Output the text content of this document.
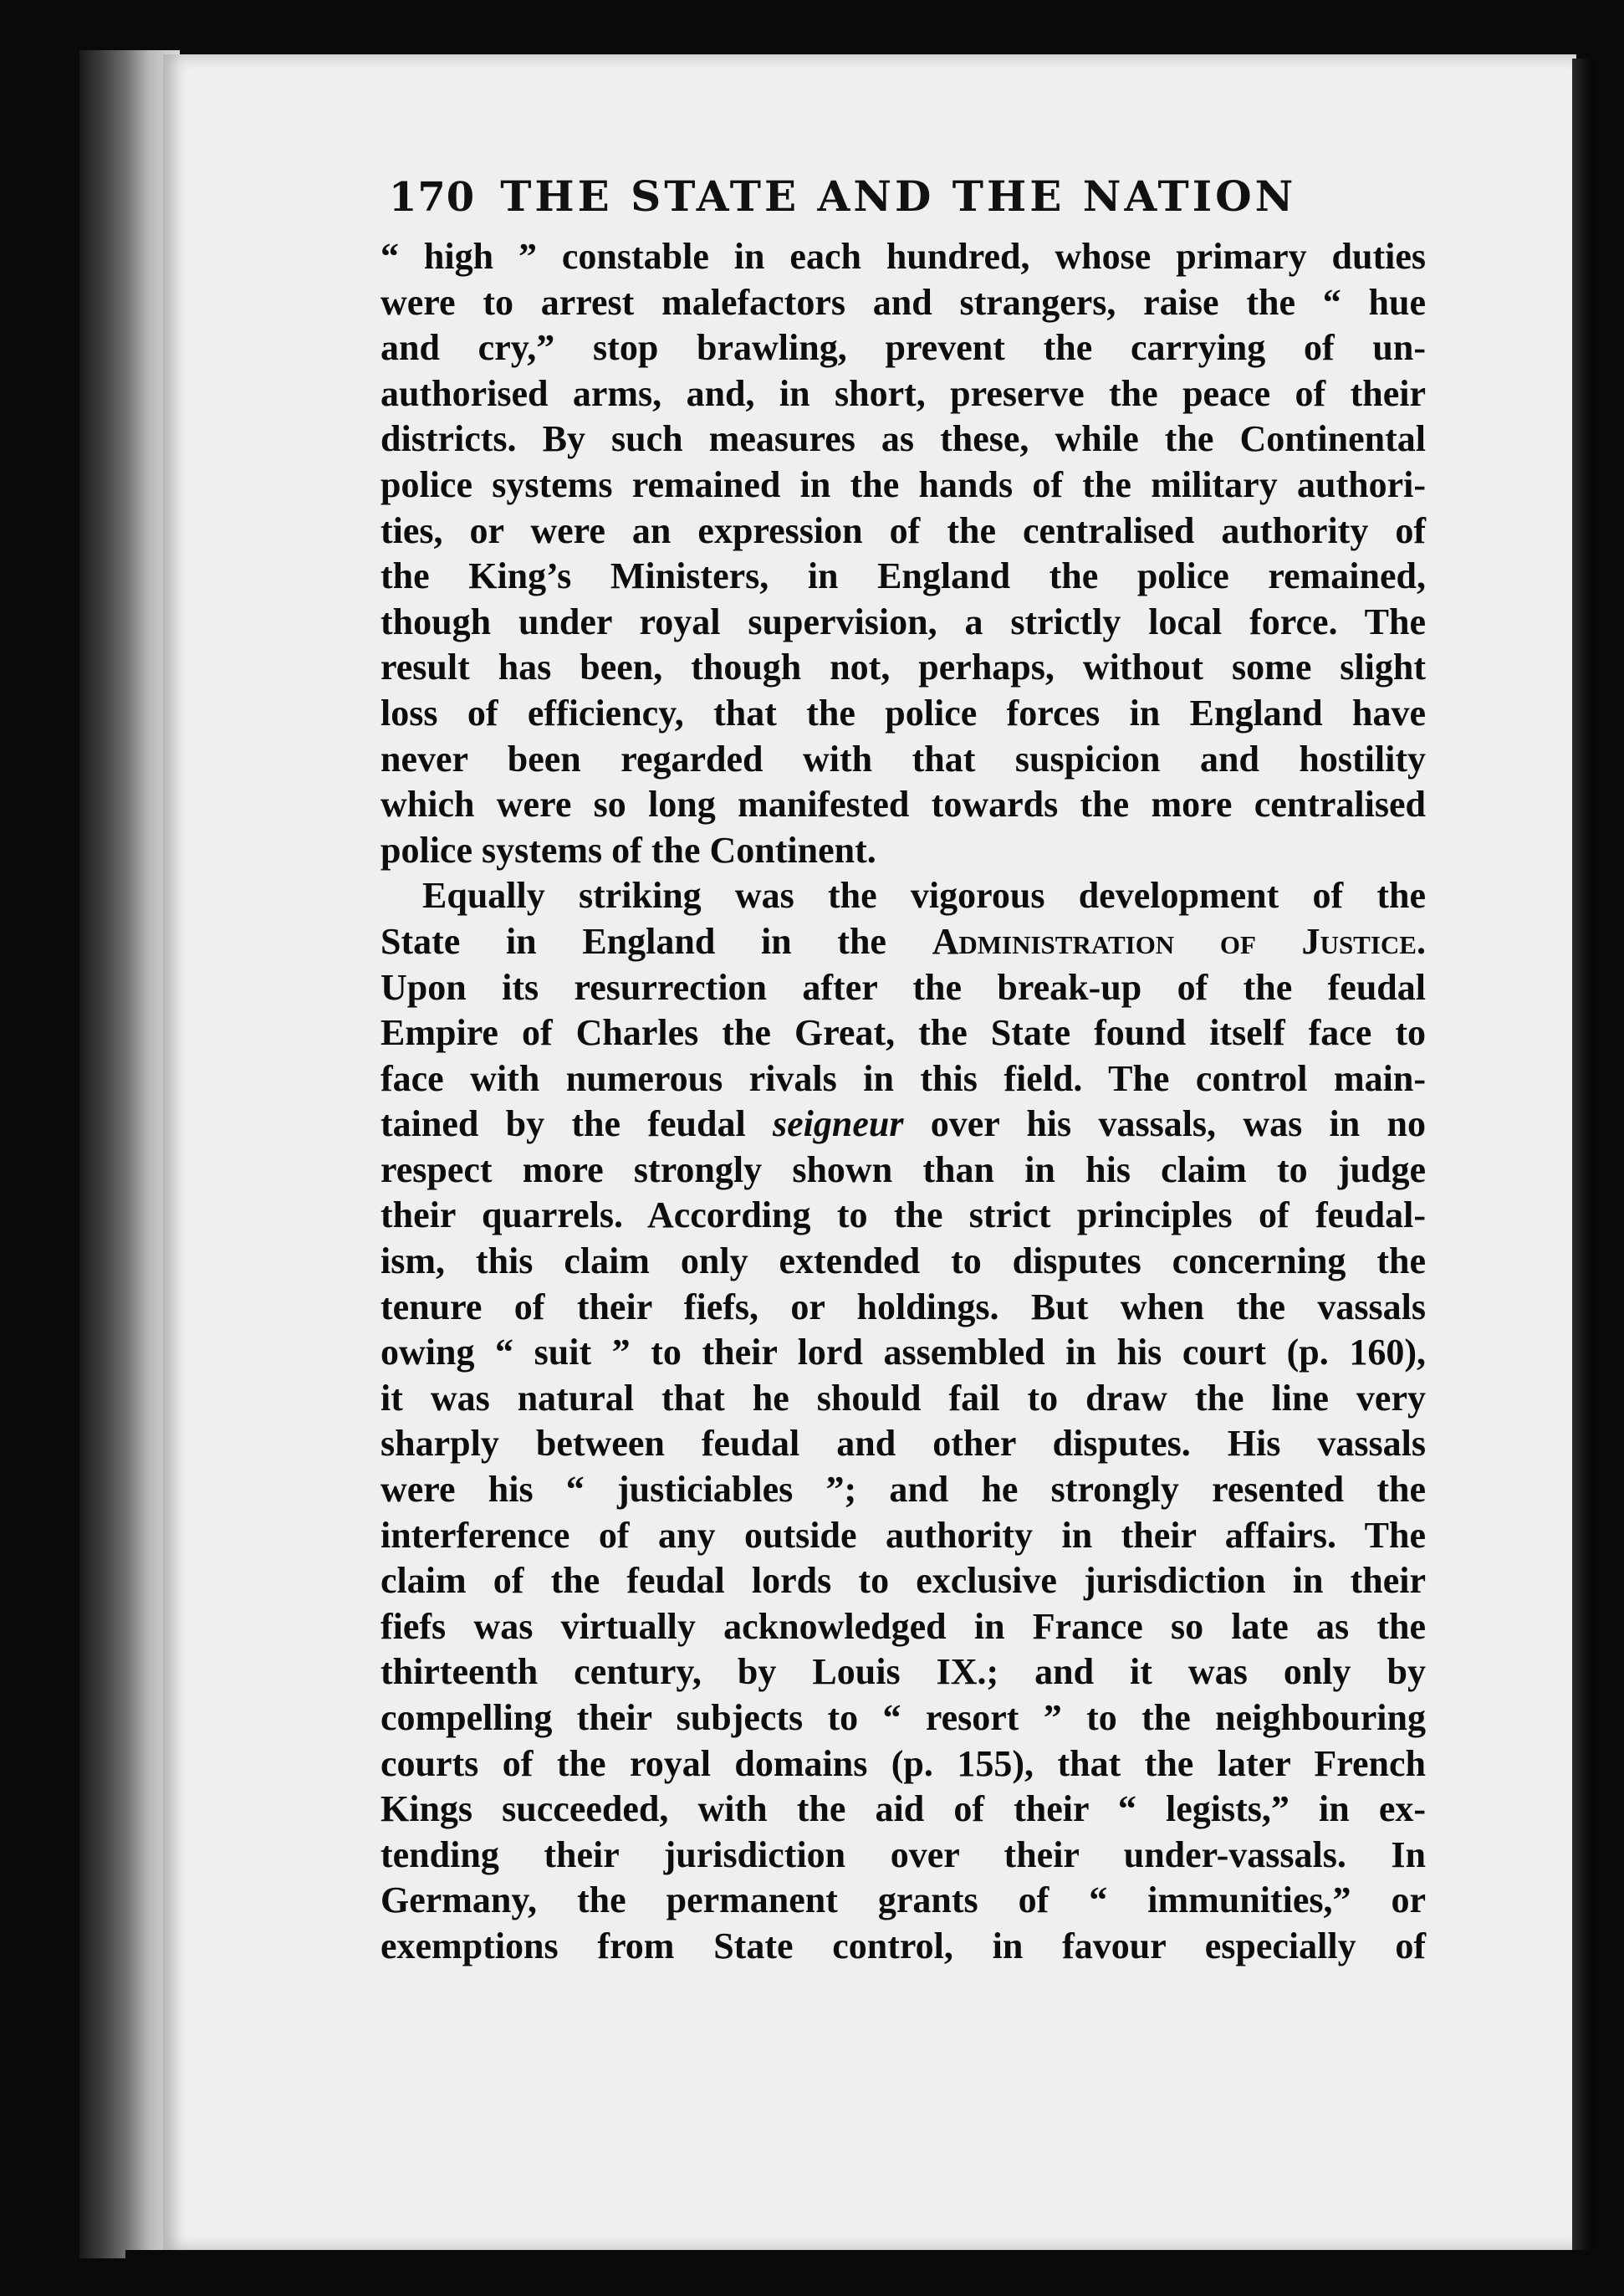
170 THE STATE AND THE NATION
“ high ” constable in each hundred, whose primary duties
were to arrest malefactors and strangers, raise the “ hue
and cry,” stop brawling, prevent the carrying of un-
authorised arms, and, in short, preserve the peace of their
districts. By such measures as these, while the Continental
police systems remained in the hands of the military authori-
ties, or were an expression of the centralised authority of
the King’s Ministers, in England the police remained,
though under royal supervision, a strictly local force. The
result has been, though not, perhaps, without some slight
loss of efficiency, that the police forces in England have
never been regarded with that suspicion and hostility
which were so long manifested towards the more centralised
police systems of the Continent.
Equally striking was the vigorous development of the
State in England in the Administration of Justice.
Upon its resurrection after the break-up of the feudal
Empire of Charles the Great, the State found itself face to
face with numerous rivals in this field. The control main-
tained by the feudal seigneur over his vassals, was in no
respect more strongly shown than in his claim to judge
their quarrels. According to the strict principles of feudal-
ism, this claim only extended to disputes concerning the
tenure of their fiefs, or holdings. But when the vassals
owing “ suit ” to their lord assembled in his court (p. 160),
it was natural that he should fail to draw the line very
sharply between feudal and other disputes. His vassals
were his “ justiciables ”; and he strongly resented the
interference of any outside authority in their affairs. The
claim of the feudal lords to exclusive jurisdiction in their
fiefs was virtually acknowledged in France so late as the
thirteenth century, by Louis IX.; and it was only by
compelling their subjects to “ resort ” to the neighbouring
courts of the royal domains (p. 155), that the later French
Kings succeeded, with the aid of their “ legists,” in ex-
tending their jurisdiction over their under-vassals. In
Germany, the permanent grants of “ immunities,” or
exemptions from State control, in favour especially of
